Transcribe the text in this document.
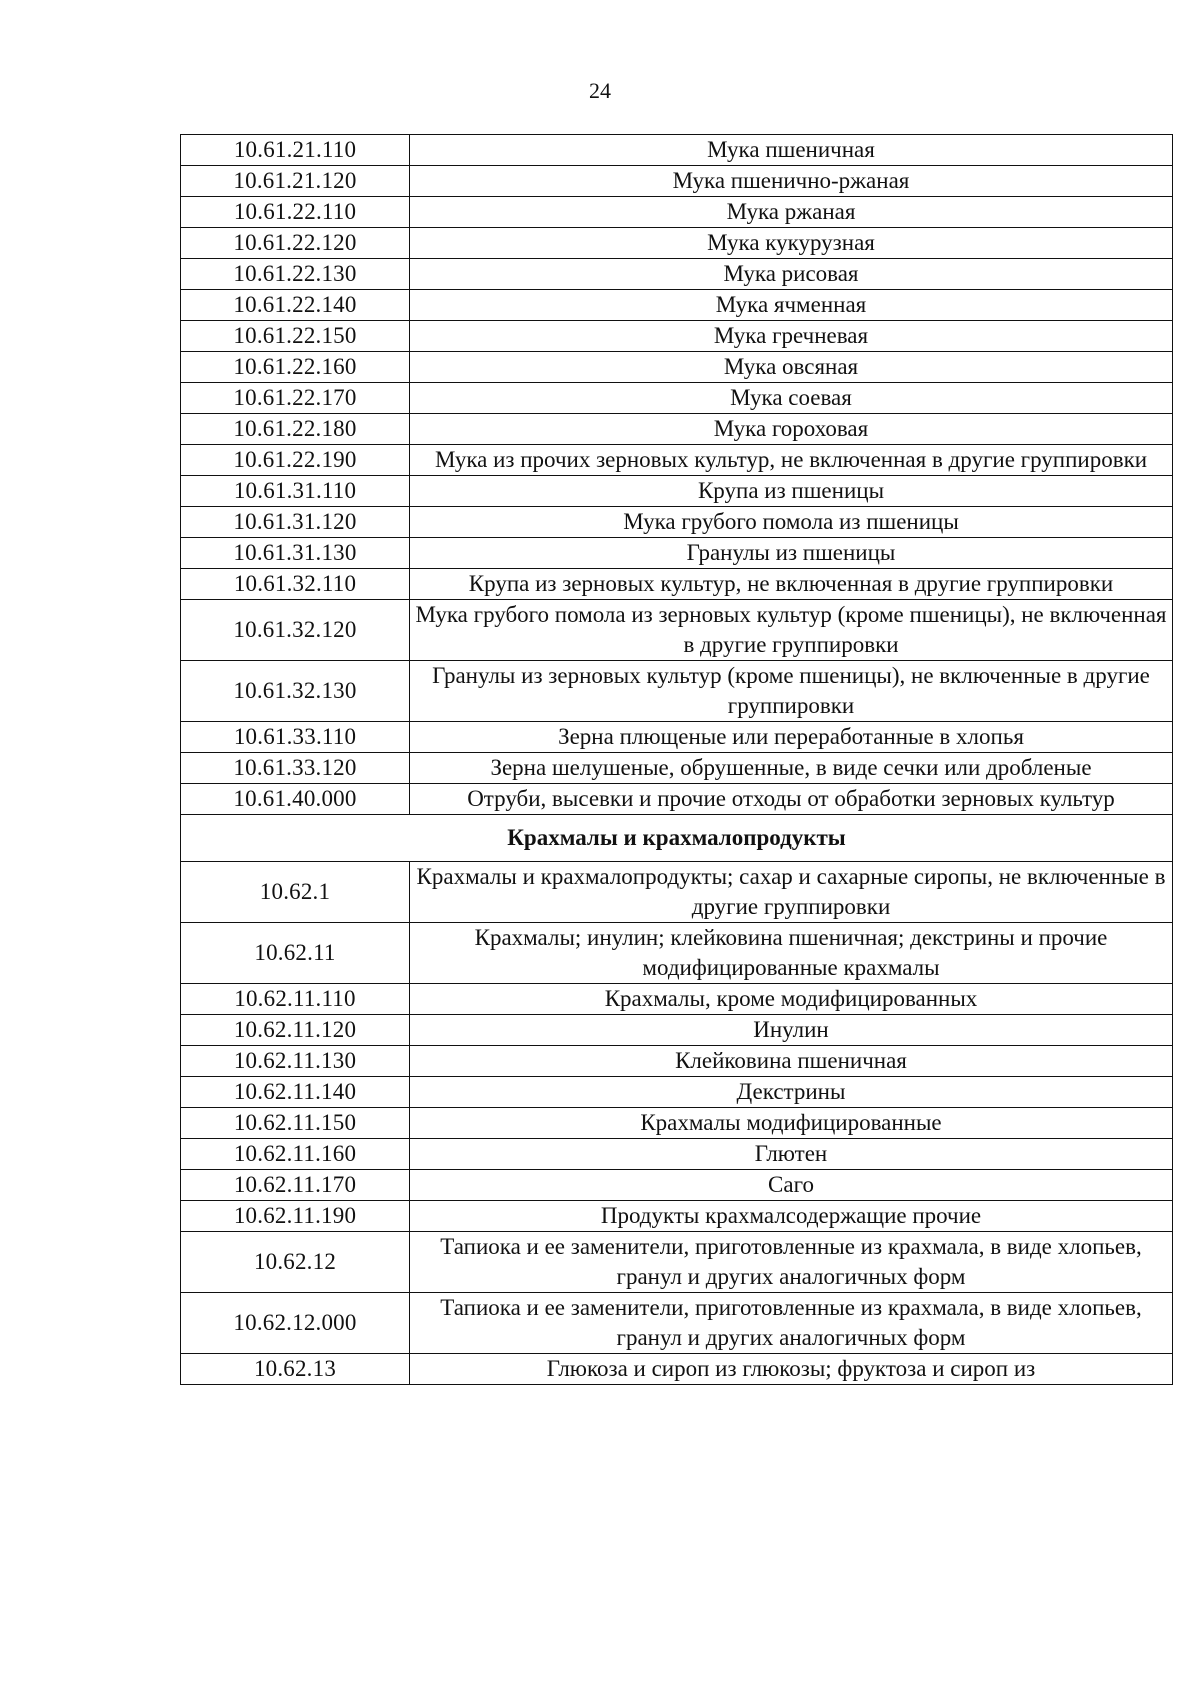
24
10.61.21.110	Мука пшеничная
10.61.21.120	Мука пшенично-ржаная
10.61.22.110	Мука ржаная
10.61.22.120	Мука кукурузная
10.61.22.130	Мука рисовая
10.61.22.140	Мука ячменная
10.61.22.150	Мука гречневая
10.61.22.160	Мука овсяная
10.61.22.170	Мука соевая
10.61.22.180	Мука гороховая
10.61.22.190	Мука из прочих зерновых культур, не включенная в другие группировки
10.61.31.110	Крупа из пшеницы
10.61.31.120	Мука грубого помола из пшеницы
10.61.31.130	Гранулы из пшеницы
10.61.32.110	Крупа из зерновых культур, не включенная в другие группировки
10.61.32.120	Мука грубого помола из зерновых культур (кроме пшеницы), не включенная в другие группировки
10.61.32.130	Гранулы из зерновых культур (кроме пшеницы), не включенные в другие группировки
10.61.33.110	Зерна плющеные или переработанные в хлопья
10.61.33.120	Зерна шелушеные, обрушенные, в виде сечки или дробленые
10.61.40.000	Отруби, высевки и прочие отходы от обработки зерновых культур
Крахмалы и крахмалопродукты	
10.62.1	Крахмалы и крахмалопродукты; сахар и сахарные сиропы, не включенные в другие группировки
10.62.11	Крахмалы; инулин; клейковина пшеничная; декстрины и прочие модифицированные крахмалы
10.62.11.110	Крахмалы, кроме модифицированных
10.62.11.120	Инулин
10.62.11.130	Клейковина пшеничная
10.62.11.140	Декстрины
10.62.11.150	Крахмалы модифицированные
10.62.11.160	Глютен
10.62.11.170	Саго
10.62.11.190	Продукты крахмалсодержащие прочие
10.62.12	Тапиока и ее заменители, приготовленные из крахмала, в виде хлопьев, гранул и других аналогичных форм
10.62.12.000	Тапиока и ее заменители, приготовленные из крахмала, в виде хлопьев, гранул и других аналогичных форм
10.62.13	Глюкоза и сироп из глюкозы; фруктоза и сироп из
